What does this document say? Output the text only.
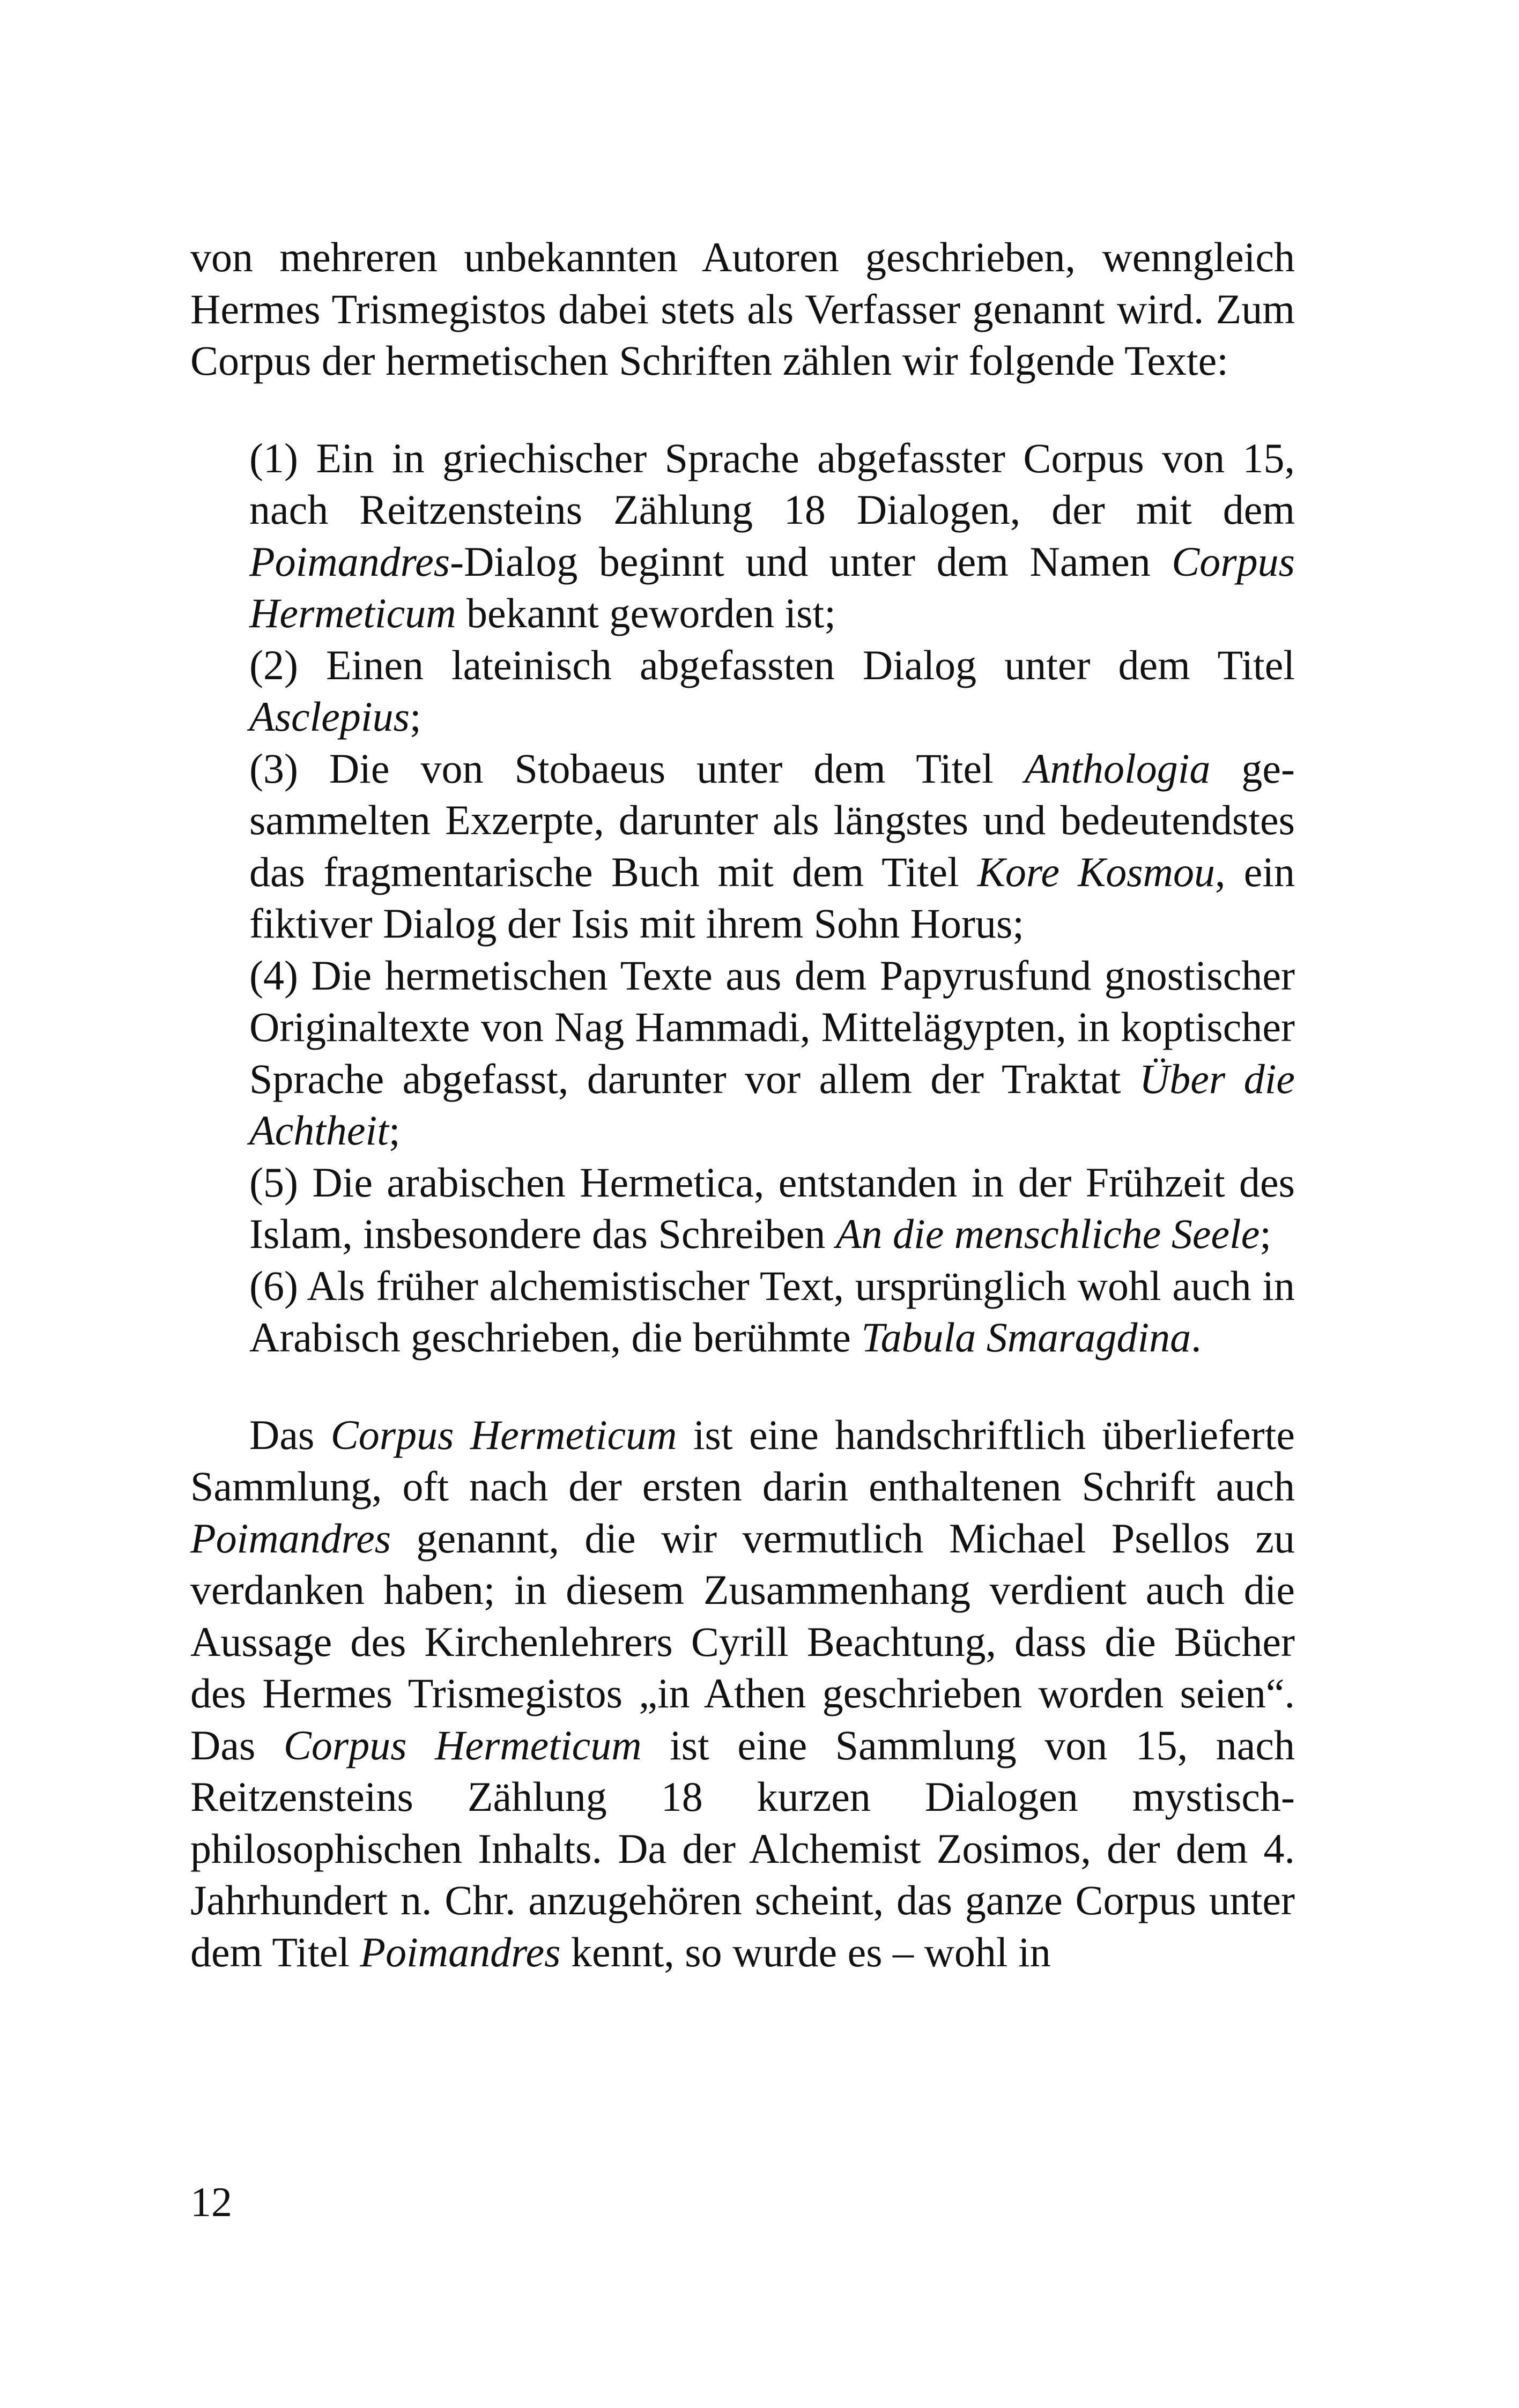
von mehreren unbekannten Autoren geschrieben, wenngleich Hermes Trismegistos dabei stets als Verfasser genannt wird. Zum Corpus der hermetischen Schriften zählen wir folgende Texte:

(1) Ein in griechischer Sprache abgefasster Corpus von 15, nach Reitzensteins Zählung 18 Dialogen, der mit dem Poimandres-Dialog beginnt und unter dem Namen Corpus Hermeticum bekannt geworden ist;

(2) Einen lateinisch abgefassten Dialog unter dem Titel Asclepius;

(3) Die von Stobaeus unter dem Titel Anthologia gesammelten Exzerpte, darunter als längstes und bedeutendstes das fragmentarische Buch mit dem Titel Kore Kosmou, ein fiktiver Dialog der Isis mit ihrem Sohn Horus;

(4) Die hermetischen Texte aus dem Papyrusfund gnostischer Originaltexte von Nag Hammadi, Mittelägypten, in koptischer Sprache abgefasst, darunter vor allem der Traktat Über die Achtheit;

(5) Die arabischen Hermetica, entstanden in der Frühzeit des Islam, insbesondere das Schreiben An die menschliche Seele;

(6) Als früher alchemistischer Text, ursprünglich wohl auch in Arabisch geschrieben, die berühmte Tabula Smaragdina.

Das Corpus Hermeticum ist eine handschriftlich überlieferte Sammlung, oft nach der ersten darin enthaltenen Schrift auch Poimandres genannt, die wir vermutlich Michael Psellos zu verdanken haben; in diesem Zusammenhang verdient auch die Aussage des Kirchenlehrers Cyrill Beachtung, dass die Bücher des Hermes Trismegistos „in Athen geschrieben worden seien“. Das Corpus Hermeticum ist eine Sammlung von 15, nach Reitzensteins Zählung 18 kurzen Dialogen mystisch-philosophischen Inhalts. Da der Alchemist Zosimos, der dem 4. Jahrhundert n. Chr. anzugehören scheint, das ganze Corpus unter dem Titel Poimandres kennt, so wurde es – wohl in

12
